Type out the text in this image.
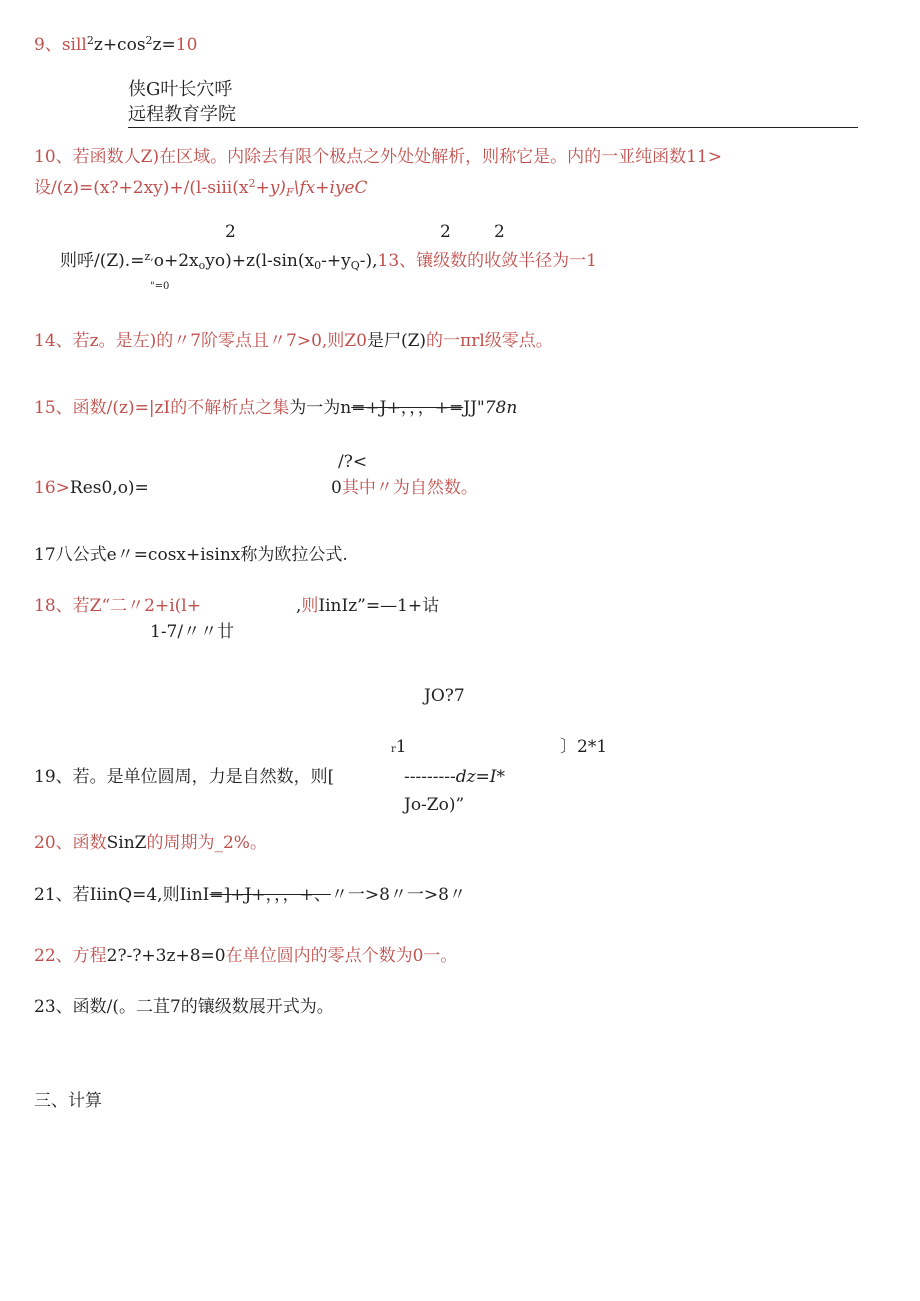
9、$sill^2z+\cos^2z=10$
侠G叶长穴呼
远程教育学院
10、若函数人Z)在区域。内除去有限个极点之外处处解析，则称它是。内的一亚纯函数11>
设$/(z)=(x?+2xy)+/(l-siii(x^2+y)_F\backslash fx+iyeC$
2	2	2
则呼$/(Z).=^{z,}o+2x_oyo)+z(l-\sin(x_0-+y_Q-),13$、镶级数的收敛半径为一1
"=0
14、若z。是左)的〃7阶零点且〃7>0,则Z0是尸(Z)的一πrl级零点。
15、函数/(z)=|zI的不解析点之集为一为n=+J+，，，+=JJ"78n
/?<
16>Res0,o)=	0其中〃为自然数。
17八公式e〃=cosx+isinx称为欧拉公式.
18、若Z“二〃2+i(l+	,则IinIz”=—1+诂
1-7/〃〃廿
JO?7
r1	〕2*1
19、若。是单位圆周，力是自然数，则[	---------dz=I*
Jo-Zo)”
20、函数SinZ的周期为_2%。
21、若IiinQ=4,则IinI=]+J+，，，+、〃一>8〃一>8〃
22、方程2?-?+3z+8=0在单位圆内的零点个数为0一。
23、函数/(。二苴7的镶级数展开式为。
三、计算
